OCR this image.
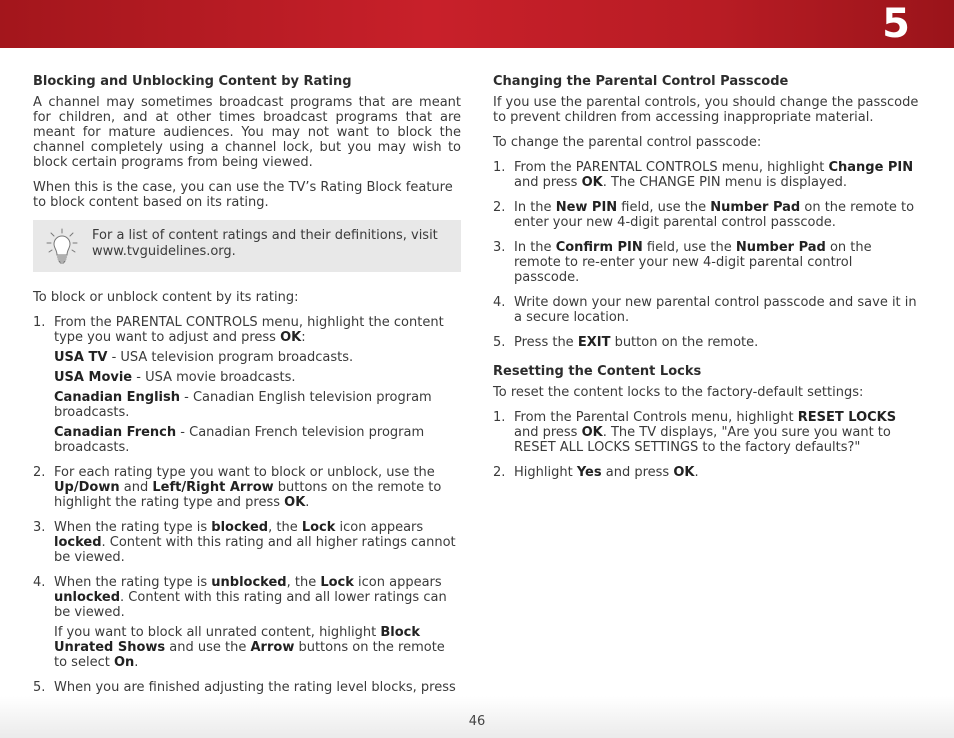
5
Blocking and Unblocking Content by Rating

A channel may sometimes broadcast programs that are meant for children, and at other times broadcast programs that are meant for mature audiences. You may not want to block the channel completely using a channel lock, but you may wish to block certain programs from being viewed.

When this is the case, you can use the TV’s Rating Block feature to block content based on its rating.

For a list of content ratings and their definitions, visit
www.tvguidelines.org.

To block or unblock content by its rating:

1. From the PARENTAL CONTROLS menu, highlight the content type you want to adjust and press OK:

USA TV - USA television program broadcasts.

USA Movie - USA movie broadcasts.

Canadian English - Canadian English television program broadcasts.

Canadian French - Canadian French television program broadcasts.

2. For each rating type you want to block or unblock, use the Up/Down and Left/Right Arrow buttons on the remote to highlight the rating type and press OK.
3. When the rating type is blocked, the Lock icon appears locked. Content with this rating and all higher ratings cannot be viewed.
4. When the rating type is unblocked, the Lock icon appears unlocked. Content with this rating and all lower ratings can be viewed.

If you want to block all unrated content, highlight Block Unrated Shows and use the Arrow buttons on the remote to select On.

5. When you are finished adjusting the rating level blocks, press
Changing the Parental Control Passcode

If you use the parental controls, you should change the passcode to prevent children from accessing inappropriate material.

To change the parental control passcode:

1. From the PARENTAL CONTROLS menu, highlight Change PIN and press OK. The CHANGE PIN menu is displayed.
2. In the New PIN field, use the Number Pad on the remote to enter your new 4-digit parental control passcode.
3. In the Confirm PIN field, use the Number Pad on the remote to re-enter your new 4-digit parental control passcode.
4. Write down your new parental control passcode and save it in a secure location.
5. Press the EXIT button on the remote.
Resetting the Content Locks

To reset the content locks to the factory-default settings:

1. From the Parental Controls menu, highlight RESET LOCKS and press OK. The TV displays, "Are you sure you want to RESET ALL LOCKS SETTINGS to the factory defaults?"
2. Highlight Yes and press OK.
46
